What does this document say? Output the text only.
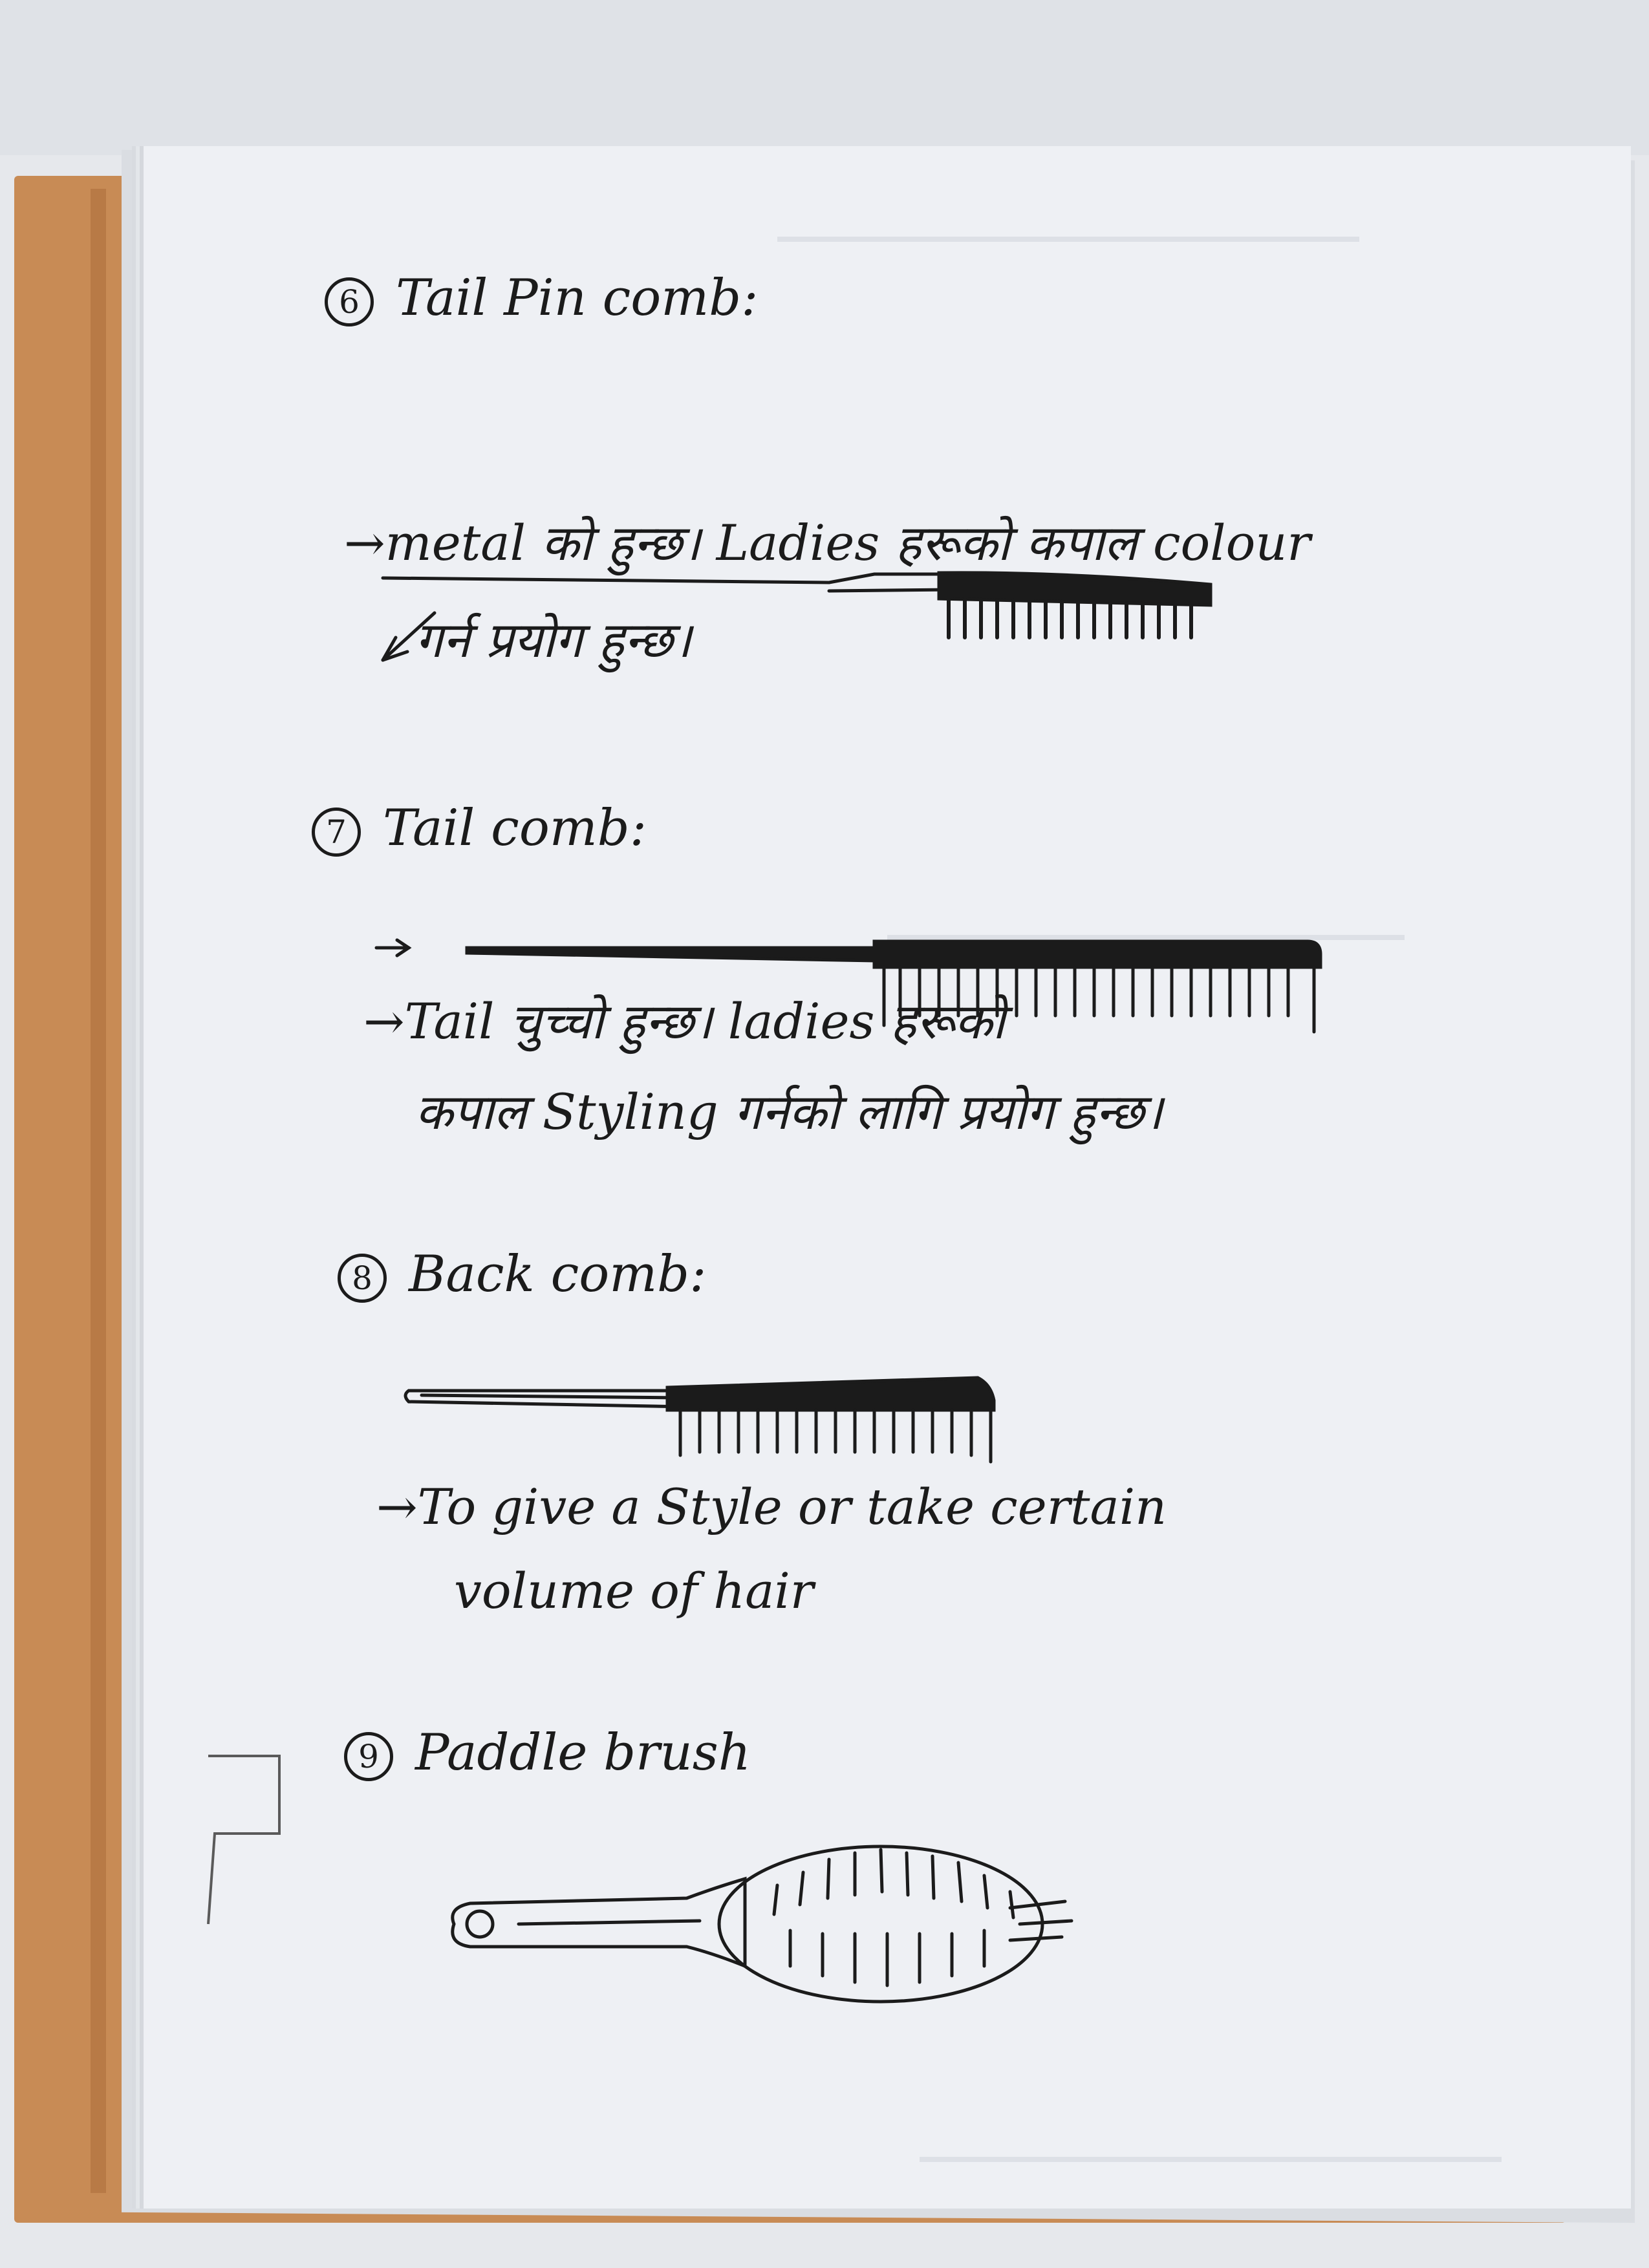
6 Tail Pin comb:
→metal को हुन्छ। Ladies हरूको कपाल colour
गर्न प्रयोग हुन्छ।
7 Tail comb:
→Tail चुच्चो हुन्छ। ladies हरूको
कपाल Styling गर्नको लागि प्रयोग हुन्छ।
8 Back comb:
→To give a Style or take certain
volume of hair
9 Paddle brush
